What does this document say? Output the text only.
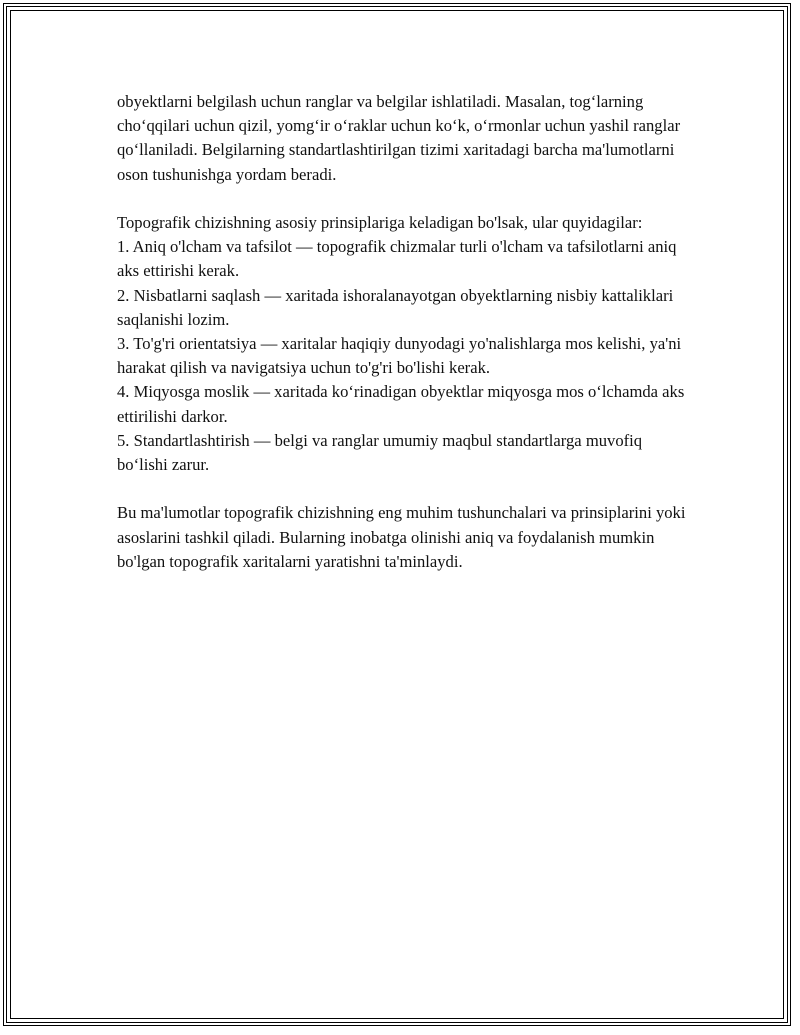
obyektlarni belgilash uchun ranglar va belgilar ishlatiladi. Masalan, tog‘larning cho‘qqilari uchun qizil, yomg‘ir o‘raklar uchun ko‘k, o‘rmonlar uchun yashil ranglar qo‘llaniladi. Belgilarning standartlashtirilgan tizimi xaritadagi barcha ma'lumotlarni oson tushunishga yordam beradi.

Topografik chizishning asosiy prinsiplariga keladigan bo'lsak, ular quyidagilar:

1. Aniq o'lcham va tafsilot — topografik chizmalar turli o'lcham va tafsilotlarni aniq aks ettirishi kerak.

2. Nisbatlarni saqlash — xaritada ishoralanayotgan obyektlarning nisbiy kattaliklari saqlanishi lozim.

3. To'g'ri orientatsiya — xaritalar haqiqiy dunyodagi yo'nalishlarga mos kelishi, ya'ni harakat qilish va navigatsiya uchun to'g'ri bo'lishi kerak.

4. Miqyosga moslik — xaritada ko‘rinadigan obyektlar miqyosga mos o‘lchamda aks ettirilishi darkor.

5. Standartlashtirish — belgi va ranglar umumiy maqbul standartlarga muvofiq bo‘lishi zarur.

Bu ma'lumotlar topografik chizishning eng muhim tushunchalari va prinsiplarini yoki asoslarini tashkil qiladi. Bularning inobatga olinishi aniq va foydalanish mumkin bo'lgan topografik xaritalarni yaratishni ta'minlaydi.
